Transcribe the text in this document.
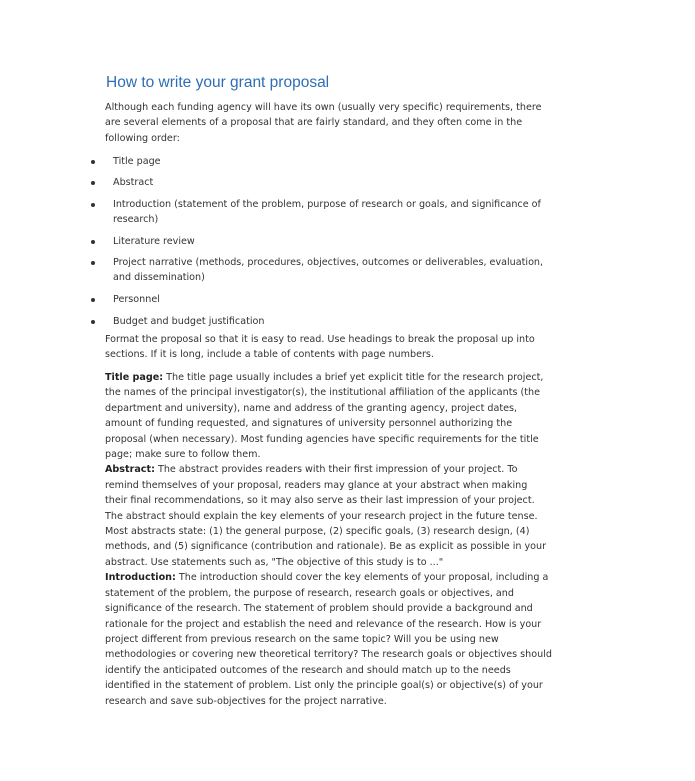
How to write your grant proposal
Although each funding agency will have its own (usually very specific) requirements, there
are several elements of a proposal that are fairly standard, and they often come in the
following order:
Title page
Abstract
Introduction (statement of the problem, purpose of research or goals, and significance of
research)
Literature review
Project narrative (methods, procedures, objectives, outcomes or deliverables, evaluation,
and dissemination)
Personnel
Budget and budget justification
Format the proposal so that it is easy to read. Use headings to break the proposal up into
sections. If it is long, include a table of contents with page numbers.
Title page: The title page usually includes a brief yet explicit title for the research project,
the names of the principal investigator(s), the institutional affiliation of the applicants (the
department and university), name and address of the granting agency, project dates,
amount of funding requested, and signatures of university personnel authorizing the
proposal (when necessary). Most funding agencies have specific requirements for the title
page; make sure to follow them.
Abstract: The abstract provides readers with their first impression of your project. To
remind themselves of your proposal, readers may glance at your abstract when making
their final recommendations, so it may also serve as their last impression of your project.
The abstract should explain the key elements of your research project in the future tense.
Most abstracts state: (1) the general purpose, (2) specific goals, (3) research design, (4)
methods, and (5) significance (contribution and rationale). Be as explicit as possible in your
abstract. Use statements such as, "The objective of this study is to ..."
Introduction: The introduction should cover the key elements of your proposal, including a
statement of the problem, the purpose of research, research goals or objectives, and
significance of the research. The statement of problem should provide a background and
rationale for the project and establish the need and relevance of the research. How is your
project different from previous research on the same topic? Will you be using new
methodologies or covering new theoretical territory? The research goals or objectives should
identify the anticipated outcomes of the research and should match up to the needs
identified in the statement of problem. List only the principle goal(s) or objective(s) of your
research and save sub-objectives for the project narrative.
